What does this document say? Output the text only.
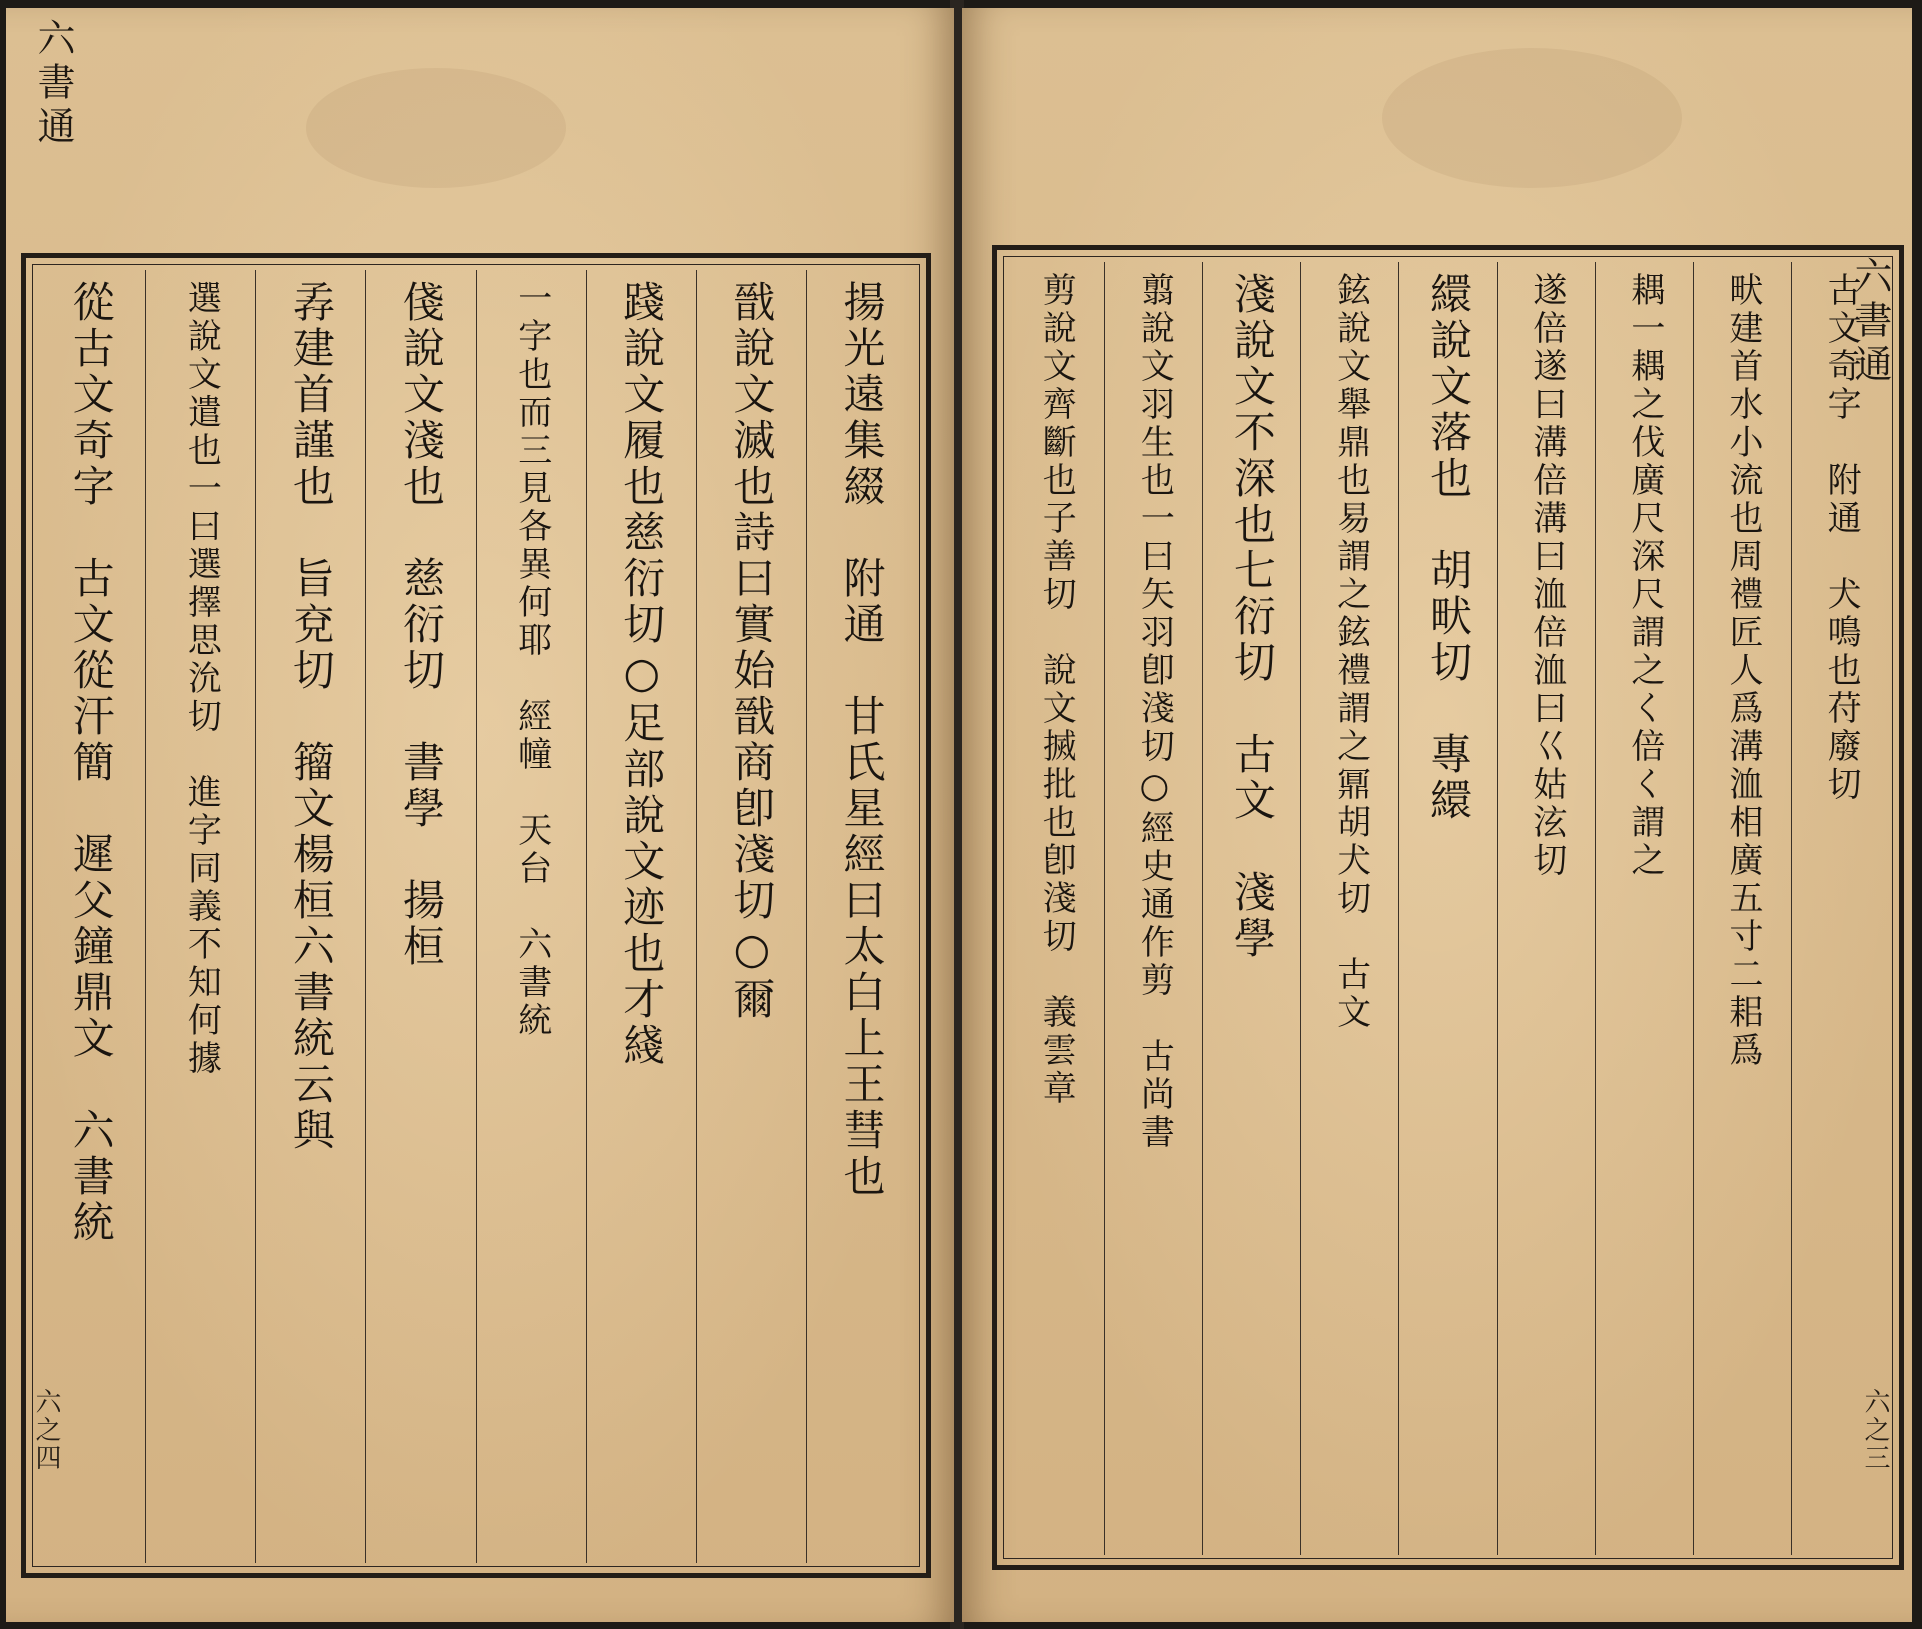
六書通
六之四
揚光遠集綴　附通　甘氏星經曰太白上王彗也
戩說文滅也詩曰實始戩商卽淺切○爾
踐說文履也慈衍切○足部說文迹也才綫
一字也而三見各異何耶　經幢　天台　六書統
俴說文淺也　慈衍切　書學　揚桓
孨建首謹也　旨兗切　籀文楊桓六書統云與
選說文遣也一曰選擇思沇切　進字同義不知何據
從古文奇字　古文從汗簡　遲父鐘鼎文　六書統	六書通
六之三
古文奇字　附通　犬鳴也苻廢切
畎建首水小流也周禮匠人爲溝洫相廣五寸二耜爲
耦一耦之伐廣尺深尺謂之く倍く謂之
遂倍遂曰溝倍溝曰洫倍洫曰巜姑泫切
繯說文落也　胡畎切　專繯
鉉說文舉鼎也易謂之鉉禮謂之鼏胡犬切　古文
淺說文不深也七衍切　古文　淺學
翦說文羽生也一曰矢羽卽淺切○經史通作剪　古尚書
剪說文齊斷也子善切　說文搣批也卽淺切　義雲章
